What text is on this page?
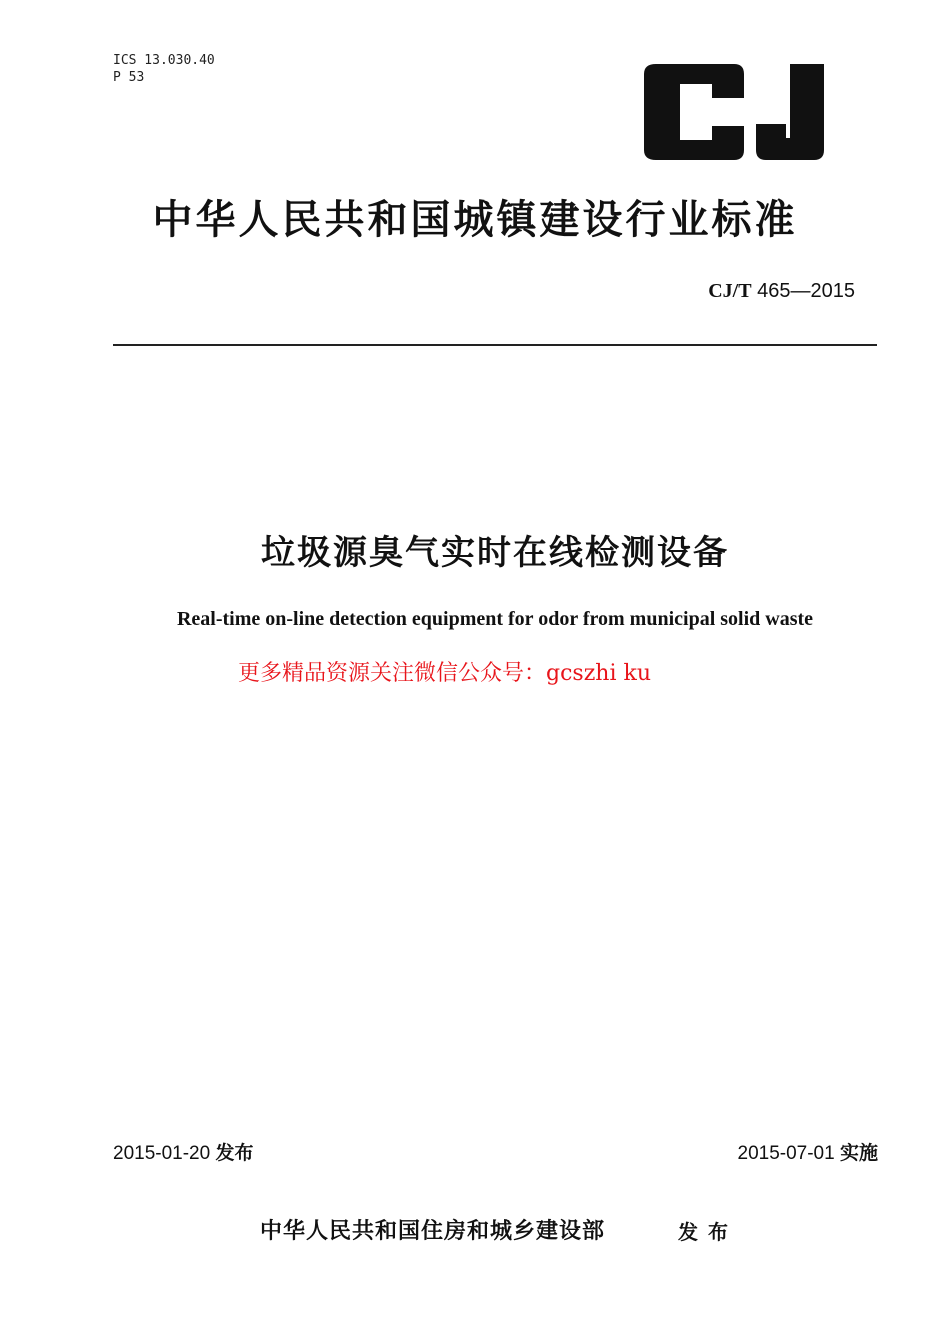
ICS 13.030.40
P 53
中华人民共和国城镇建设行业标准
CJ/T 465—2015
垃圾源臭气实时在线检测设备
Real-time on-line detection equipment for odor from municipal solid waste
更多精品资源关注微信公众号：gcszhi ku
2015-01-20 发布	2015-07-01 实施
中华人民共和国住房和城乡建设部	发布
